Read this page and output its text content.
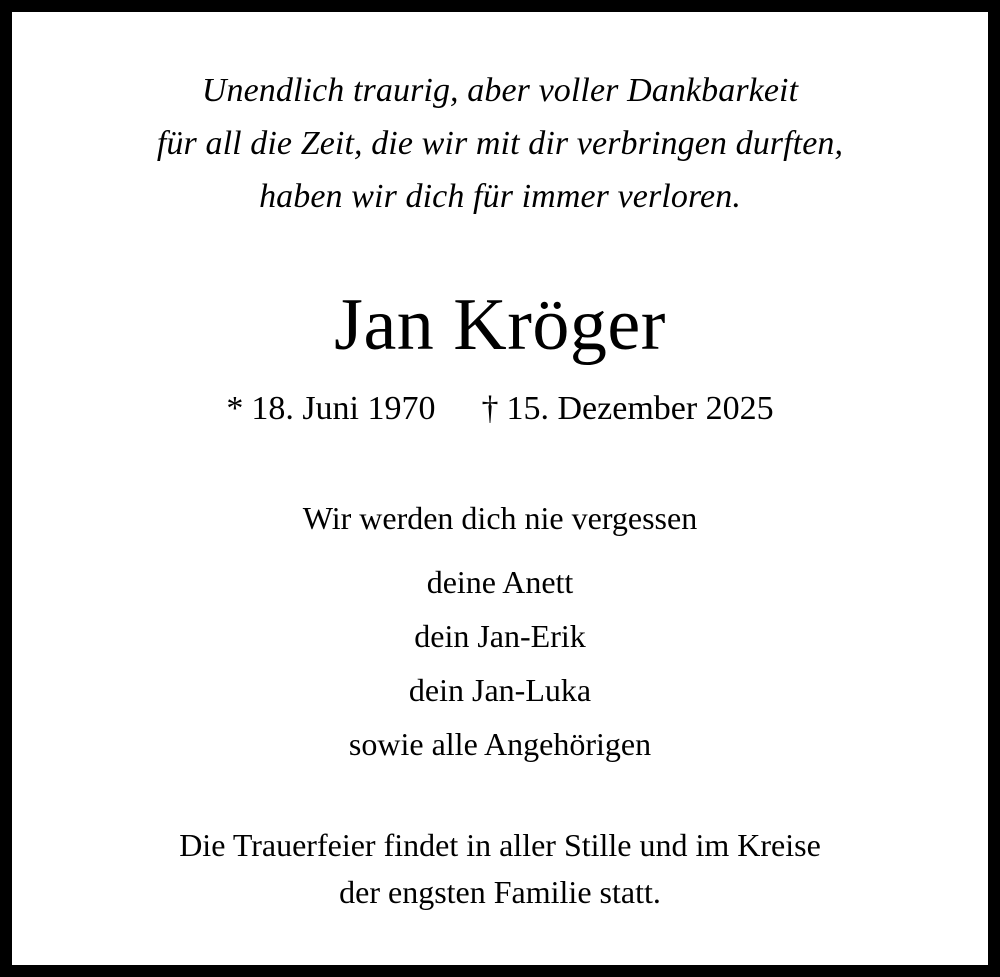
Unendlich traurig, aber voller Dankbarkeit
für all die Zeit, die wir mit dir verbringen durften,
haben wir dich für immer verloren.
Jan Kröger
* 18. Juni 1970 † 15. Dezember 2025
Wir werden dich nie vergessen
deine Anett
dein Jan-Erik
dein Jan-Luka
sowie alle Angehörigen
Die Trauerfeier findet in aller Stille und im Kreise
der engsten Familie statt.
